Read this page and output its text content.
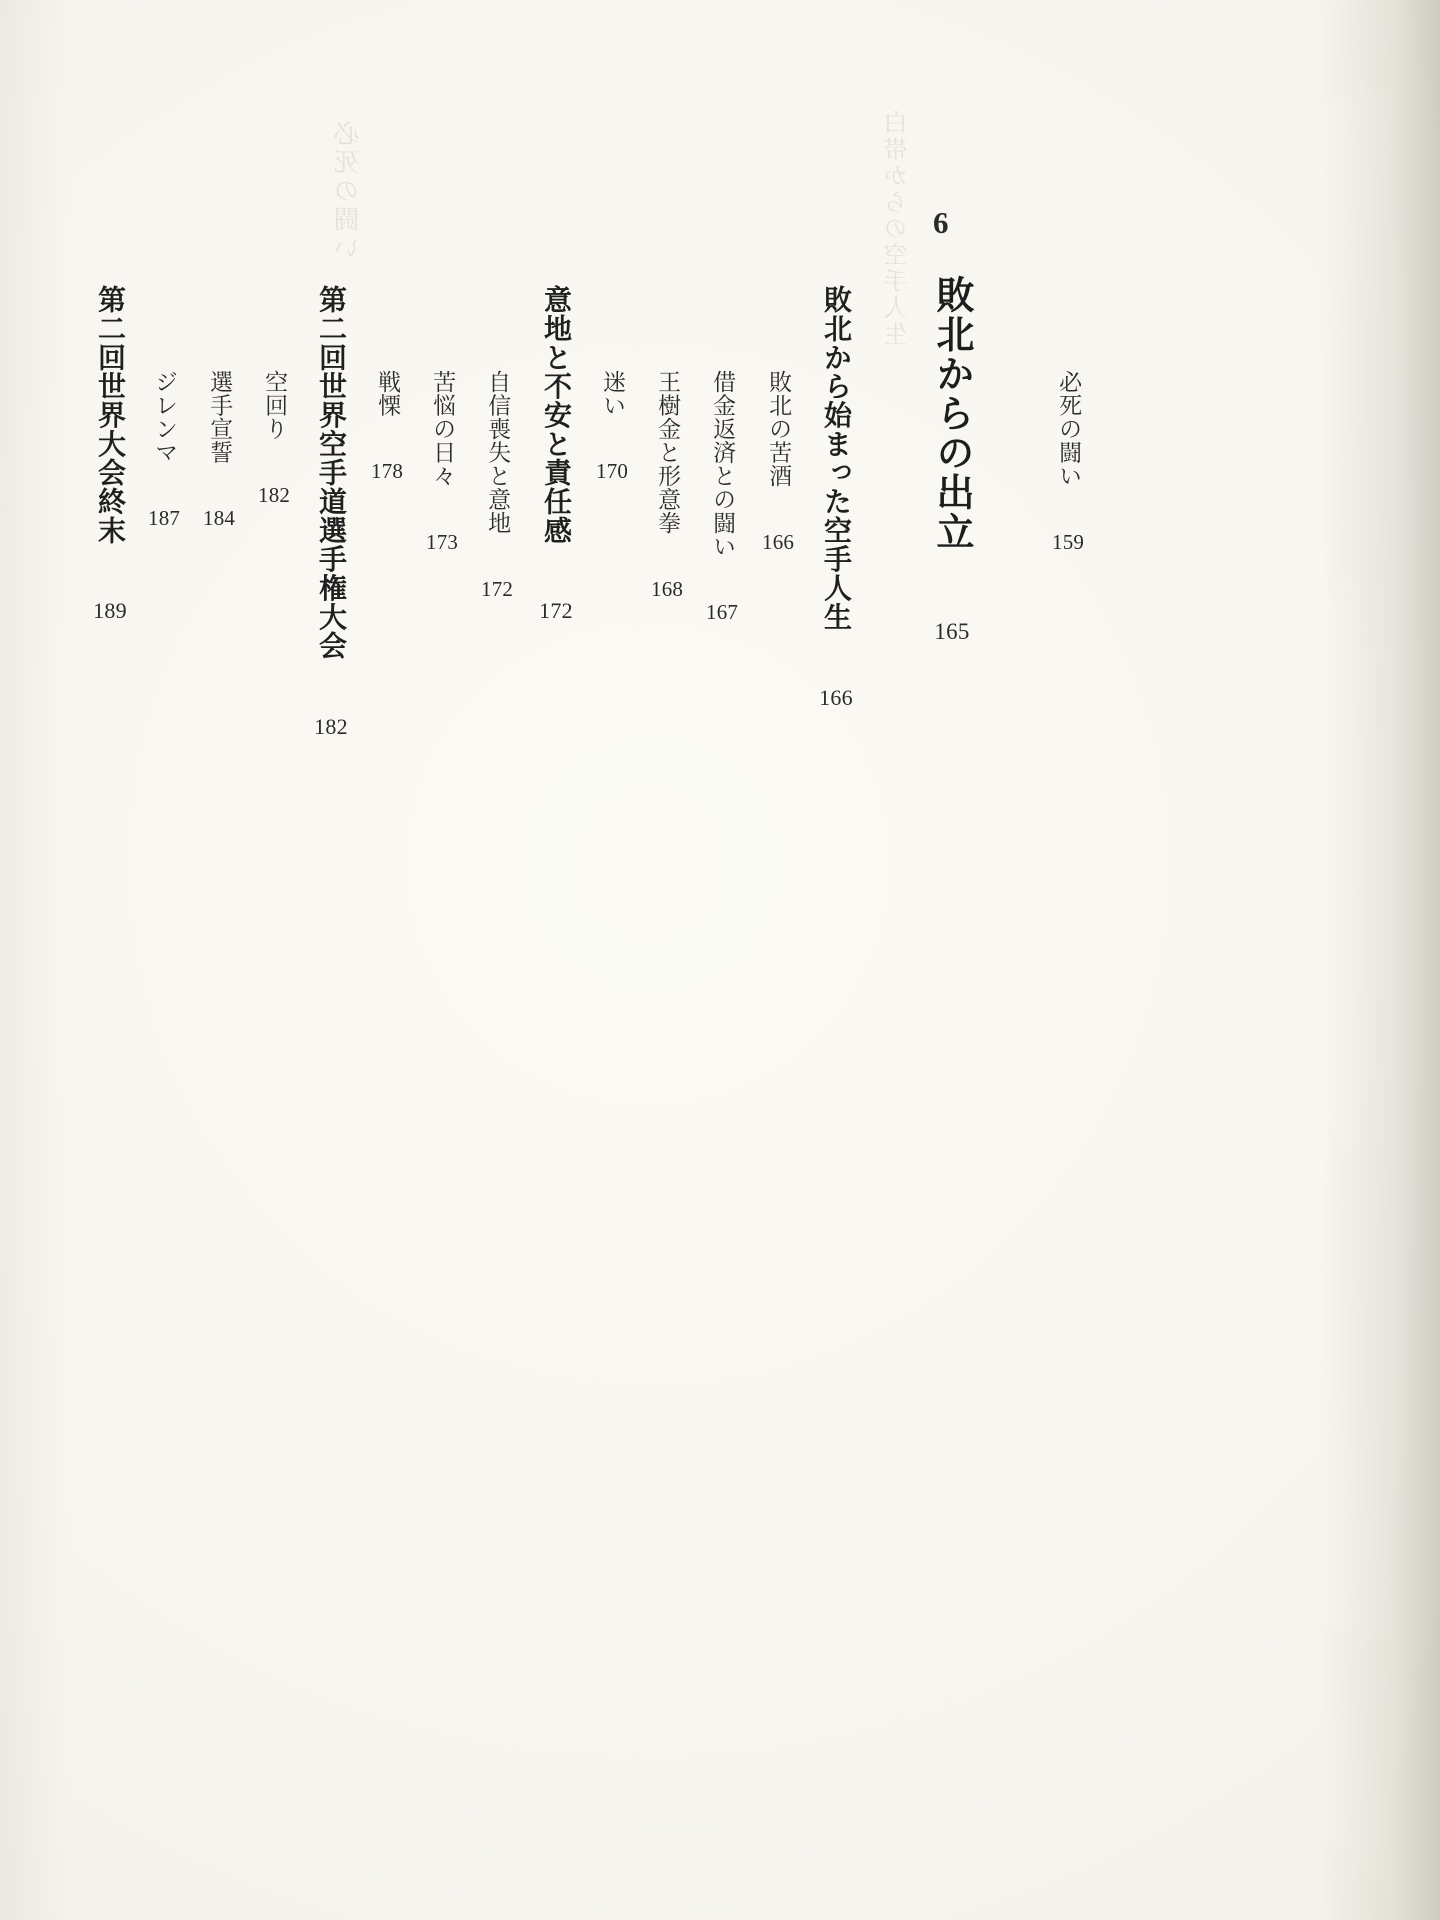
必死の闘い	白帯からの空手人生 6
必死の闘い 159
敗北からの出立 165
敗北から始まった空手人生 166
敗北の苦酒 166
借金返済との闘い 167
王樹金と形意拳 168
迷い 170
意地と不安と責任感 172
自信喪失と意地 172
苦悩の日々 173
戦慄 178
第二回世界空手道選手権大会 182
空回り 182
選手宣誓 184
ジレンマ 187
第二回世界大会終末 189
